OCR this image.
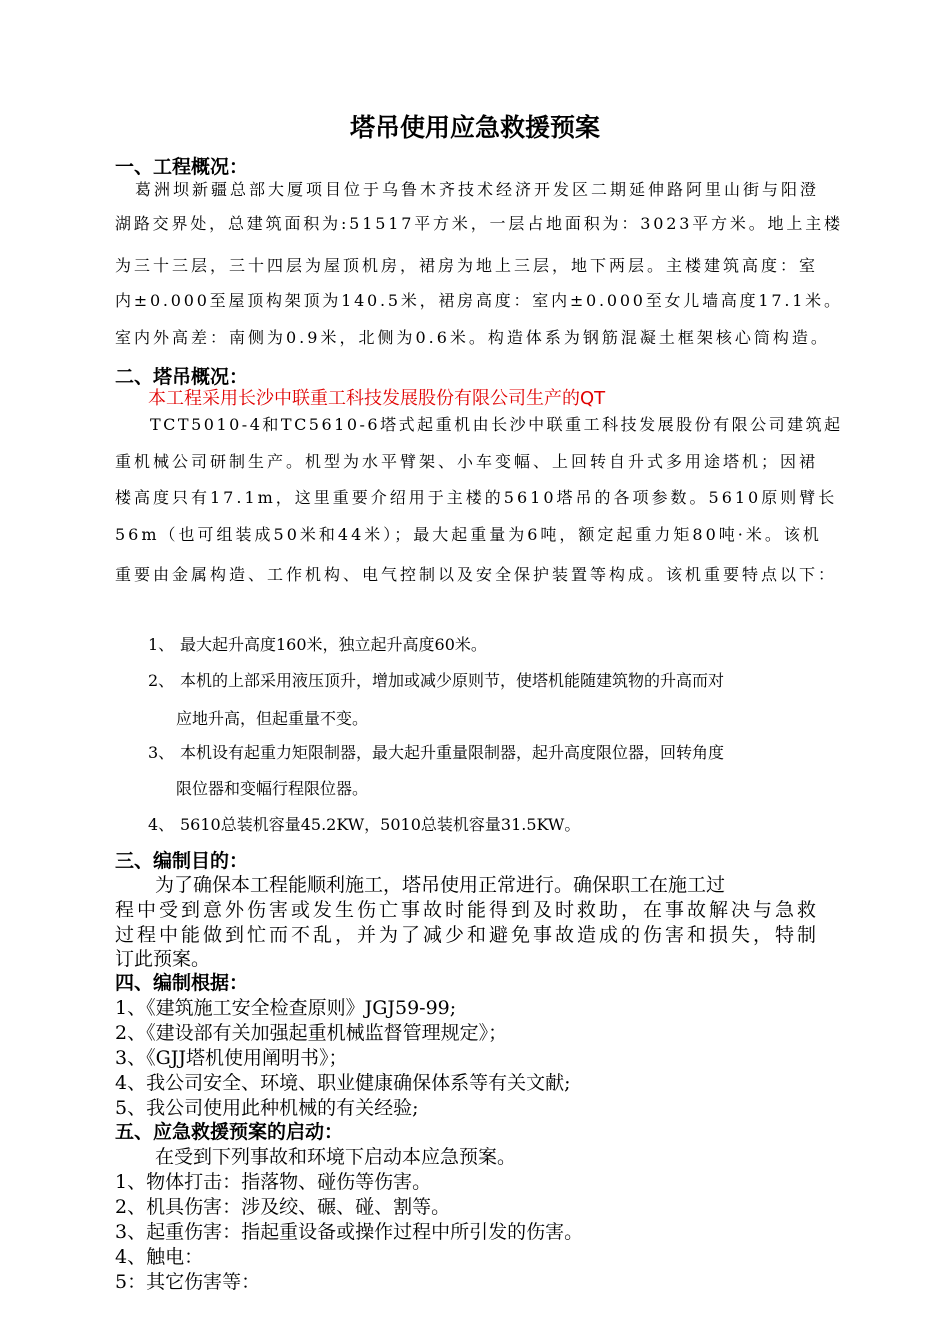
塔吊使用应急救援预案
一、工程概况：
葛洲坝新疆总部大厦项目位于乌鲁木齐技术经济开发区二期延伸路阿里山街与阳澄
湖路交界处，总建筑面积为:51517平方米，一层占地面积为：3023平方米。地上主楼
为三十三层，三十四层为屋顶机房，裙房为地上三层，地下两层。主楼建筑高度：室
内±0.000至屋顶构架顶为140.5米，裙房高度：室内±0.000至女儿墙高度17.1米。
室内外高差：南侧为0.9米，北侧为0.6米。构造体系为钢筋混凝土框架核心筒构造。
二、塔吊概况：
本工程采用长沙中联重工科技发展股份有限公司生产的QT
TCT5010-4和TC5610-6塔式起重机由长沙中联重工科技发展股份有限公司建筑起
重机械公司研制生产。机型为水平臂架、小车变幅、上回转自升式多用途塔机；因裙
楼高度只有17.1m，这里重要介绍用于主楼的5610塔吊的各项参数。5610原则臂长
56m（也可组装成50米和44米）；最大起重量为6吨，额定起重力矩80吨·米。该机
重要由金属构造、工作机构、电气控制以及安全保护装置等构成。该机重要特点以下：
1、 最大起升高度160米，独立起升高度60米。
2、 本机的上部采用液压顶升，增加或减少原则节，使塔机能随建筑物的升高而对
应地升高，但起重量不变。
3、 本机设有起重力矩限制器，最大起升重量限制器，起升高度限位器，回转角度
限位器和变幅行程限位器。
4、 5610总装机容量45.2KW，5010总装机容量31.5KW。
三、编制目的：
为了确保本工程能顺利施工，塔吊使用正常进行。确保职工在施工过
程中受到意外伤害或发生伤亡事故时能得到及时救助，在事故解决与急救
过程中能做到忙而不乱，并为了减少和避免事故造成的伤害和损失，特制
订此预案。
四、编制根据：
1、《建筑施工安全检查原则》JGJ59-99;
2、《建设部有关加强起重机械监督管理规定》；
3、《GJJ塔机使用阐明书》；
4、我公司安全、环境、职业健康确保体系等有关文献;
5、我公司使用此种机械的有关经验;
五、应急救援预案的启动：
在受到下列事故和环境下启动本应急预案。
1、物体打击：指落物、碰伤等伤害。
2、机具伤害：涉及绞、碾、碰、割等。
3、起重伤害：指起重设备或操作过程中所引发的伤害。
4、触电：
5：其它伤害等：
